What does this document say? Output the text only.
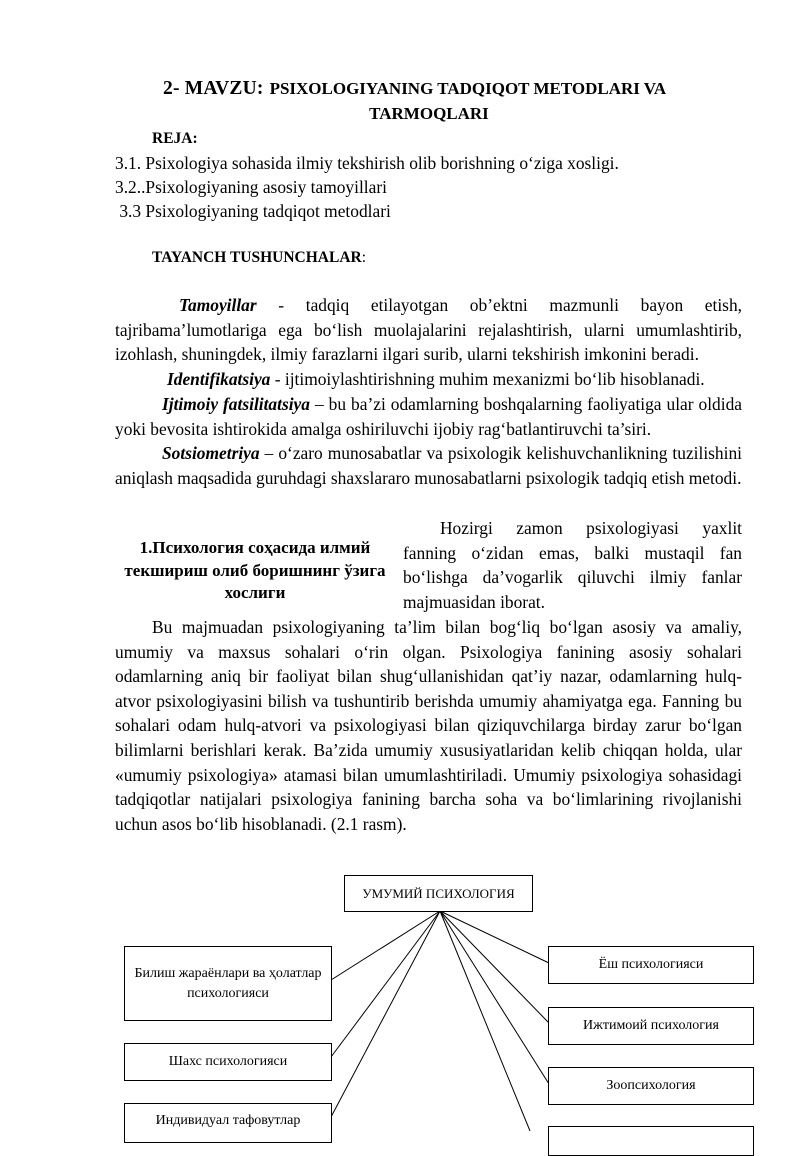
2- MAVZU: PSIXOLOGIYANING TADQIQOT METODLARI VA
TARMOQLARI
REJA:
3.1. Psixologiya sohasida ilmiy tekshirish olib borishning o‘ziga xosligi.
3.2..Psixologiyaning asosiy tamoyillari
3.3 Psixologiyaning tadqiqot metodlari
TAYANCH TUSHUNCHALAR:
Tamoyillar - tadqiq etilayotgan ob’ektni mazmunli bayon etish, tajribama’lumotlariga ega bo‘lish muolajalarini rejalashtirish, ularni umumlashtirib, izohlash, shuningdek, ilmiy farazlarni ilgari surib, ularni tekshirish imkonini beradi.
Identifikatsiya - ijtimoiylashtirishning muhim mexanizmi bo‘lib hisoblanadi.
Ijtimoiy fatsilitatsiya – bu ba’zi odamlarning boshqalarning faoliyatiga ular oldida yoki bevosita ishtirokida amalga oshiriluvchi ijobiy rag‘batlantiruvchi ta’siri.
Sotsiometriya – o‘zaro munosabatlar va psixologik kelishuvchanlikning tuzilishini aniqlash maqsadida guruhdagi shaxslararo munosabatlarni psixologik tadqiq etish metodi.
1.Психология соҳасида илмий текшириш олиб боришнинг ўзига хослиги
Hozirgi zamon psixologiyasi yaxlit fanning o‘zidan emas, balki mustaqil fan bo‘lishga da’vogarlik qiluvchi ilmiy fanlar majmuasidan iborat.
Bu majmuadan psixologiyaning ta’lim bilan bog‘liq bo‘lgan asosiy va amaliy, umumiy va maxsus sohalari o‘rin olgan. Psixologiya fanining asosiy sohalari odamlarning aniq bir faoliyat bilan shug‘ullanishidan qat’iy nazar, odamlarning hulq-atvor psixologiyasini bilish va tushuntirib berishda umumiy ahamiyatga ega. Fanning bu sohalari odam hulq-atvori va psixologiyasi bilan qiziquvchilarga birday zarur bo‘lgan bilimlarni berishlari kerak. Ba’zida umumiy xususiyatlaridan kelib chiqqan holda, ular «umumiy psixologiya» atamasi bilan umumlashtiriladi. Umumiy psixologiya sohasidagi tadqiqotlar natijalari psixologiya fanining barcha soha va bo‘limlarining rivojlanishi uchun asos bo‘lib hisoblanadi. (2.1 rasm).
УМУМИЙ ПСИХОЛОГИЯ
Билиш жараёнлари ва ҳолатлар психологияси
Шахс психологияси
Индивидуал тафовутлар
Ёш психологияси
Ижтимоий психология
Зоопсихология
